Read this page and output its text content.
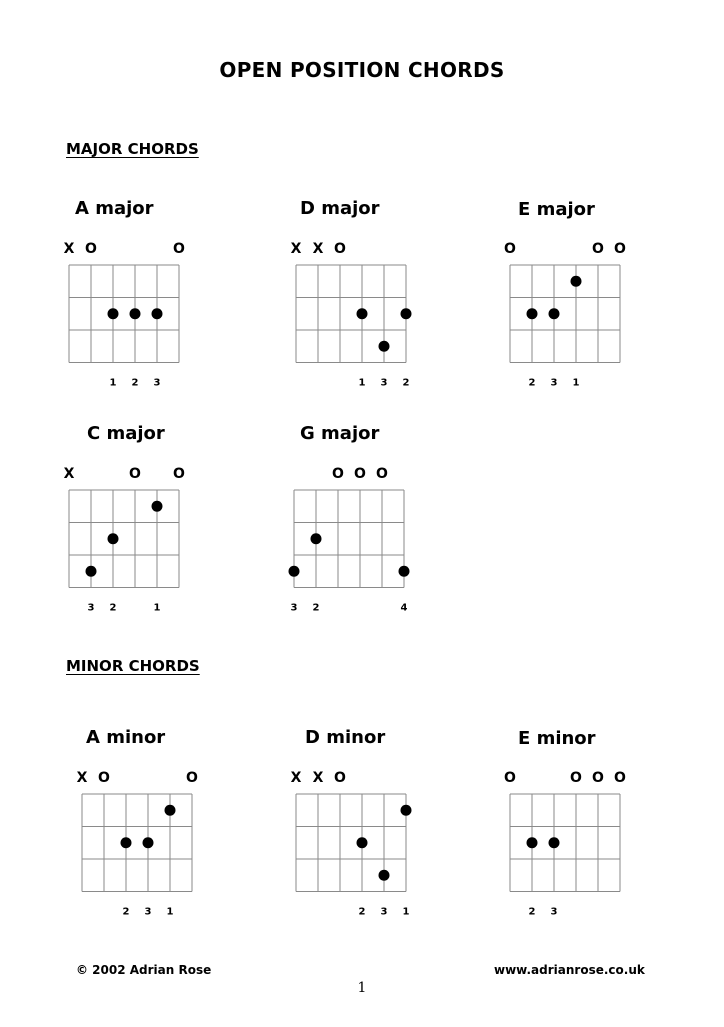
OPEN POSITION CHORDS
MAJOR CHORDS
MINOR CHORDS
A major
X O	O
1 2 3
D major
X X O
1 3 2
E major
O	O O
2 3 1
C major
X	O O
3 2	1
G major
O O O
3 2	4
A minor
X O	O
2 3 1
D minor
X X O
2 3 1
E minor
O	O O O
2 3
© 2002 Adrian Rose	www.adrianrose.co.uk
1
